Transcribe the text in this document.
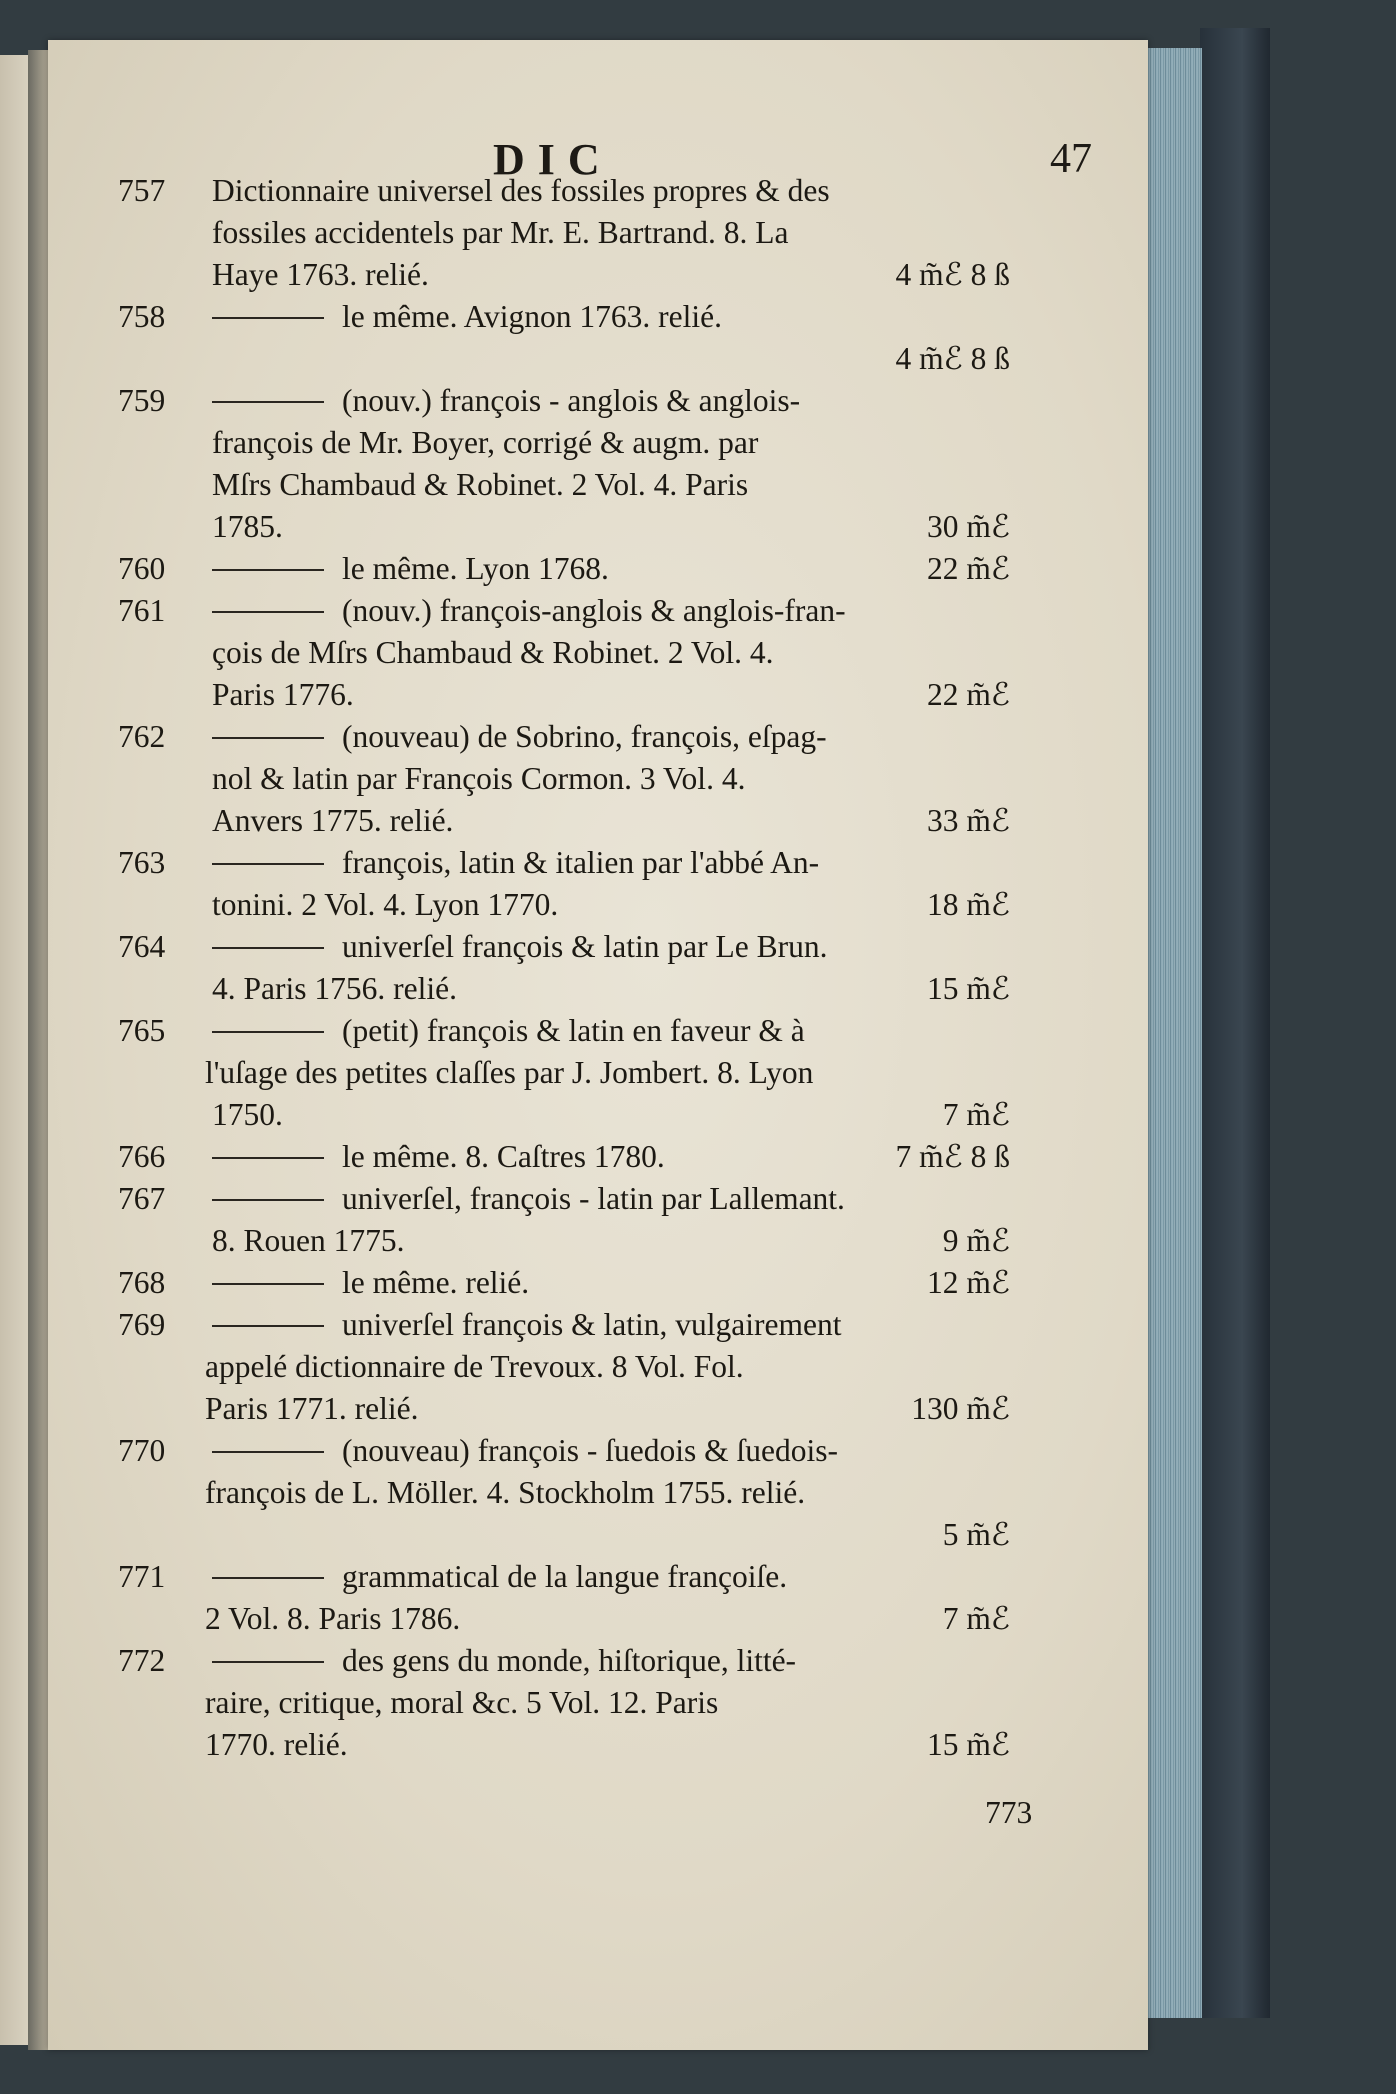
DIC	47
757	Dictionnaire universel des fossiles propres & des
fossiles accidentels par Mr. E. Bartrand. 8. La
Haye 1763. relié.	4 m̃ℰ 8 ß
758	le même. Avignon 1763. relié.
4 m̃ℰ 8 ß
759	(nouv.) françois - anglois & anglois-
françois de Mr. Boyer, corrigé & augm. par
Mſrs Chambaud & Robinet. 2 Vol. 4. Paris
1785.	30 m̃ℰ
760	le même. Lyon 1768.	22 m̃ℰ
761	(nouv.) françois-anglois & anglois-fran-
çois de Mſrs Chambaud & Robinet. 2 Vol. 4.
Paris 1776.	22 m̃ℰ
762	(nouveau) de Sobrino, françois, eſpag-
nol & latin par François Cormon. 3 Vol. 4.
Anvers 1775. relié.	33 m̃ℰ
763	françois, latin & italien par l'abbé An-
tonini. 2 Vol. 4. Lyon 1770.	18 m̃ℰ
764	univerſel françois & latin par Le Brun.
4. Paris 1756. relié.	15 m̃ℰ
765	(petit) françois & latin en faveur & à
l'uſage des petites claſſes par J. Jombert. 8. Lyon
1750.	7 m̃ℰ
766	le même. 8. Caſtres 1780.	7 m̃ℰ 8 ß
767	univerſel, françois - latin par Lallemant.
8. Rouen 1775.	9 m̃ℰ
768	le même. relié.	12 m̃ℰ
769	univerſel françois & latin, vulgairement
appelé dictionnaire de Trevoux. 8 Vol. Fol.
Paris 1771. relié.	130 m̃ℰ
770	(nouveau) françois - ſuedois & ſuedois-
françois de L. Möller. 4. Stockholm 1755. relié.
5 m̃ℰ
771	grammatical de la langue françoiſe.
2 Vol. 8. Paris 1786.	7 m̃ℰ
772	des gens du monde, hiſtorique, litté-
raire, critique, moral &c. 5 Vol. 12. Paris
1770. relié.	15 m̃ℰ
773
